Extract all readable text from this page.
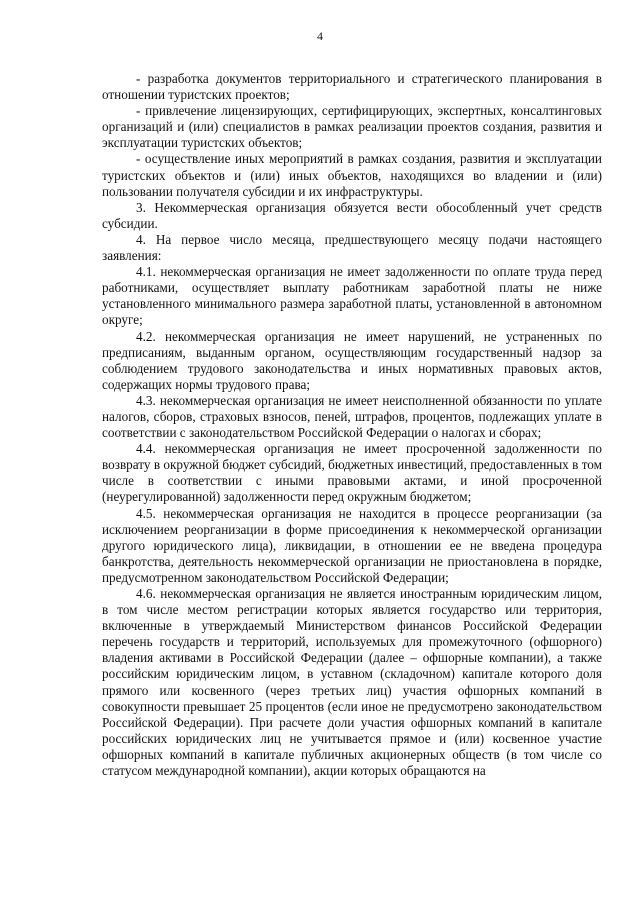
4

- разработка документов территориального и стратегического планирования в отношении туристских проектов;

- привлечение лицензирующих, сертифицирующих, экспертных, консалтинговых организаций и (или) специалистов в рамках реализации проектов создания, развития и эксплуатации туристских объектов;

- осуществление иных мероприятий в рамках создания, развития и эксплуатации туристских объектов и (или) иных объектов, находящихся во владении и (или) пользовании получателя субсидии и их инфраструктуры.

3. Некоммерческая организация обязуется вести обособленный учет средств субсидии.

4. На первое число месяца, предшествующего месяцу подачи настоящего заявления:

4.1. некоммерческая организация не имеет задолженности по оплате труда перед работниками, осуществляет выплату работникам заработной платы не ниже установленного минимального размера заработной платы, установленной в автономном округе;

4.2. некоммерческая организация не имеет нарушений, не устраненных по предписаниям, выданным органом, осуществляющим государственный надзор за соблюдением трудового законодательства и иных нормативных правовых актов, содержащих нормы трудового права;

4.3. некоммерческая организация не имеет неисполненной обязанности по уплате налогов, сборов, страховых взносов, пеней, штрафов, процентов, подлежащих уплате в соответствии с законодательством Российской Федерации о налогах и сборах;

4.4. некоммерческая организация не имеет просроченной задолженности по возврату в окружной бюджет субсидий, бюджетных инвестиций, предоставленных в том числе в соответствии с иными правовыми актами, и иной просроченной (неурегулированной) задолженности перед окружным бюджетом;

4.5. некоммерческая организация не находится в процессе реорганизации (за исключением реорганизации в форме присоединения к некоммерческой организации другого юридического лица), ликвидации, в отношении ее не введена процедура банкротства, деятельность некоммерческой организации не приостановлена в порядке, предусмотренном законодательством Российской Федерации;

4.6. некоммерческая организация не является иностранным юридическим лицом, в том числе местом регистрации которых является государство или территория, включенные в утверждаемый Министерством финансов Российской Федерации перечень государств и территорий, используемых для промежуточного (офшорного) владения активами в Российской Федерации (далее – офшорные компании), а также российским юридическим лицом, в уставном (складочном) капитале которого доля прямого или косвенного (через третьих лиц) участия офшорных компаний в совокупности превышает 25 процентов (если иное не предусмотрено законодательством Российской Федерации). При расчете доли участия офшорных компаний в капитале российских юридических лиц не учитывается прямое и (или) косвенное участие офшорных компаний в капитале публичных акционерных обществ (в том числе со статусом международной компании), акции которых обращаются на
